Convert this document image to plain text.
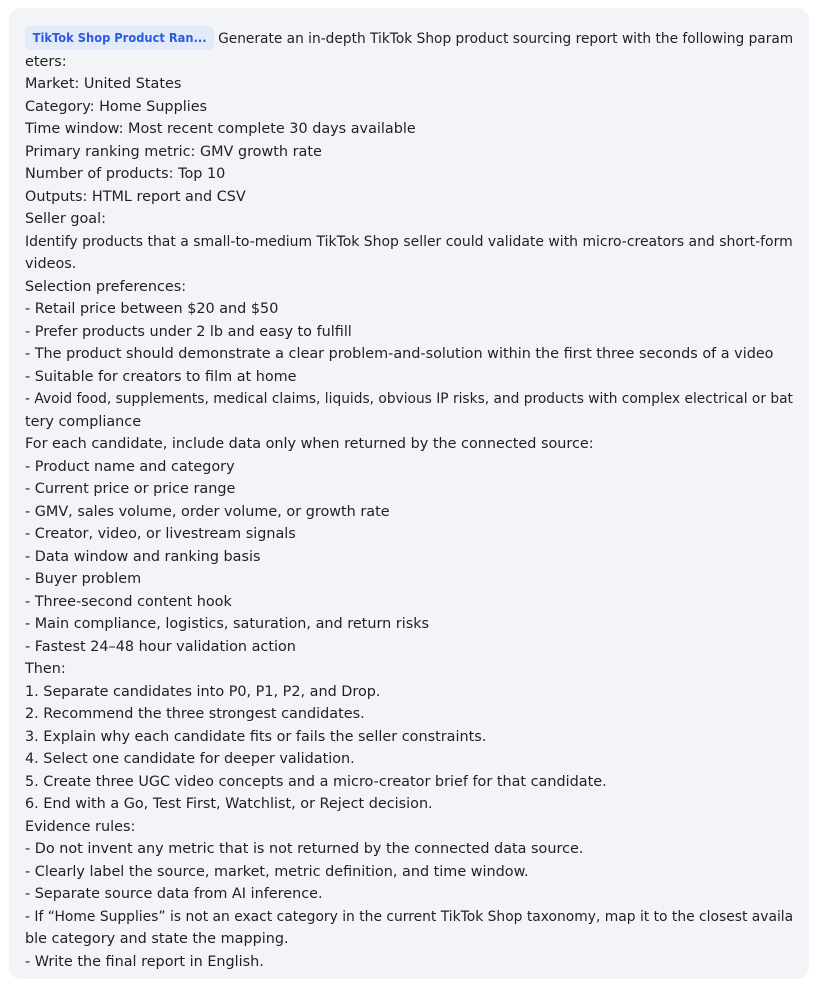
TikTok Shop Product Ran... Generate an in-depth TikTok Shop product sourcing report with the following param
eters:
Market: United States
Category: Home Supplies
Time window: Most recent complete 30 days available
Primary ranking metric: GMV growth rate
Number of products: Top 10
Outputs: HTML report and CSV
Seller goal:
Identify products that a small-to-medium TikTok Shop seller could validate with micro-creators and short-form
videos.
Selection preferences:
- Retail price between $20 and $50
- Prefer products under 2 lb and easy to fulfill
- The product should demonstrate a clear problem-and-solution within the first three seconds of a video
- Suitable for creators to film at home
- Avoid food, supplements, medical claims, liquids, obvious IP risks, and products with complex electrical or bat
tery compliance
For each candidate, include data only when returned by the connected source:
- Product name and category
- Current price or price range
- GMV, sales volume, order volume, or growth rate
- Creator, video, or livestream signals
- Data window and ranking basis
- Buyer problem
- Three-second content hook
- Main compliance, logistics, saturation, and return risks
- Fastest 24–48 hour validation action
Then:
1. Separate candidates into P0, P1, P2, and Drop.
2. Recommend the three strongest candidates.
3. Explain why each candidate fits or fails the seller constraints.
4. Select one candidate for deeper validation.
5. Create three UGC video concepts and a micro-creator brief for that candidate.
6. End with a Go, Test First, Watchlist, or Reject decision.
Evidence rules:
- Do not invent any metric that is not returned by the connected data source.
- Clearly label the source, market, metric definition, and time window.
- Separate source data from AI inference.
- If “Home Supplies” is not an exact category in the current TikTok Shop taxonomy, map it to the closest availa
ble category and state the mapping.
- Write the final report in English.
